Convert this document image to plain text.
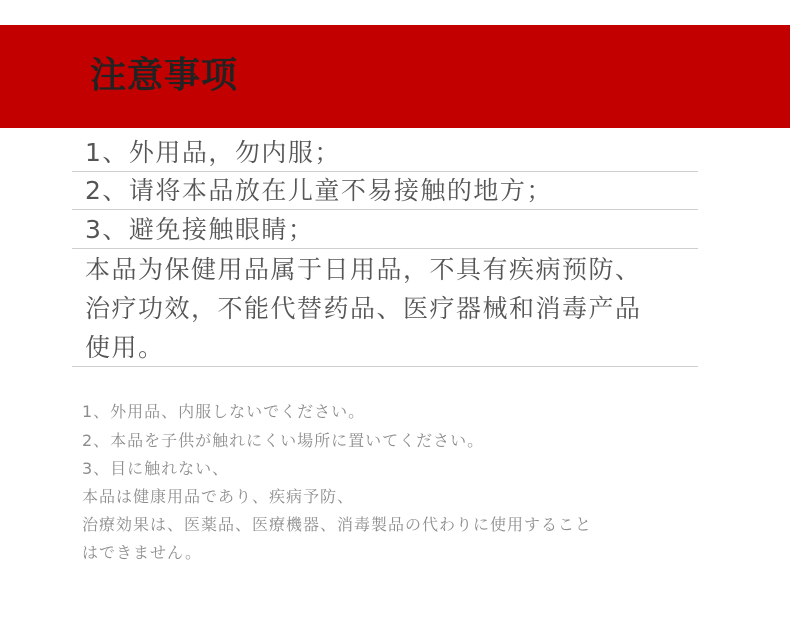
注意事项
1、外用品，勿内服；
2、请将本品放在儿童不易接触的地方；
3、避免接触眼睛；
本品为保健用品属于日用品，不具有疾病预防、
治疗功效，不能代替药品、医疗器械和消毒产品
使用。
1、外用品、内服しないでください。
2、本品を子供が触れにくい場所に置いてください。
3、目に触れない、
本品は健康用品であり、疾病予防、
治療効果は、医薬品、医療機器、消毒製品の代わりに使用すること
はできません。
